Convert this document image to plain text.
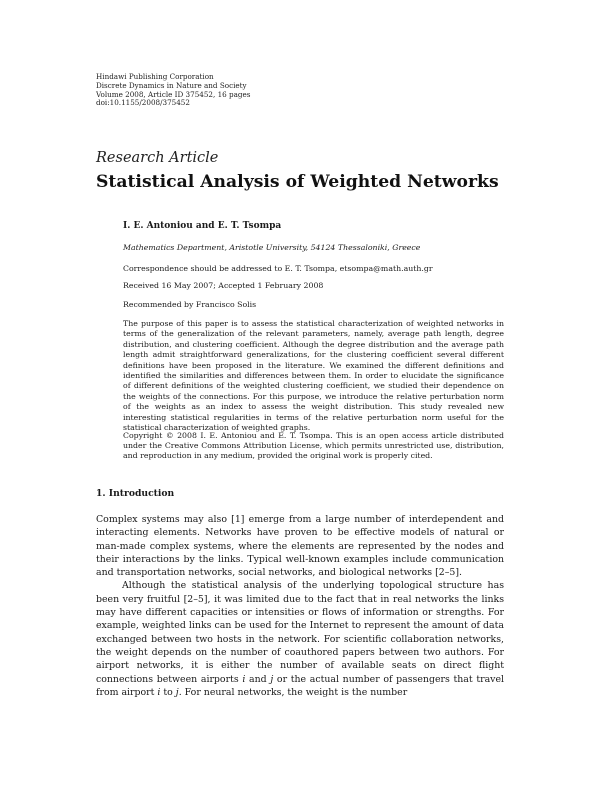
Hindawi Publishing Corporation
Discrete Dynamics in Nature and Society
Volume 2008, Article ID 375452, 16 pages
doi:10.1155/2008/375452
Research Article
Statistical Analysis of Weighted Networks
I. E. Antoniou and E. T. Tsompa
Mathematics Department, Aristotle University, 54124 Thessaloniki, Greece
Correspondence should be addressed to E. T. Tsompa, etsompa@math.auth.gr
Received 16 May 2007; Accepted 1 February 2008
Recommended by Francisco Solis
The purpose of this paper is to assess the statistical characterization of weighted networks in terms of the generalization of the relevant parameters, namely, average path length, degree distribution, and clustering coefficient. Although the degree distribution and the average path length admit straightforward generalizations, for the clustering coefficient several different definitions have been proposed in the literature. We examined the different definitions and identified the similarities and differences between them. In order to elucidate the significance of different definitions of the weighted clustering coefficient, we studied their dependence on the weights of the connections. For this purpose, we introduce the relative perturbation norm of the weights as an index to assess the weight distribution. This study revealed new interesting statistical regularities in terms of the relative perturbation norm useful for the statistical characterization of weighted graphs.
Copyright © 2008 I. E. Antoniou and E. T. Tsompa. This is an open access article distributed under the Creative Commons Attribution License, which permits unrestricted use, distribution, and reproduction in any medium, provided the original work is properly cited.
1. Introduction

Complex systems may also [1] emerge from a large number of interdependent and interacting elements. Networks have proven to be effective models of natural or man-made complex systems, where the elements are represented by the nodes and their interactions by the links. Typical well-known examples include communication and transportation networks, social networks, and biological networks [2–5].

Although the statistical analysis of the underlying topological structure has been very fruitful [2–5], it was limited due to the fact that in real networks the links may have different capacities or intensities or flows of information or strengths. For example, weighted links can be used for the Internet to represent the amount of data exchanged between two hosts in the network. For scientific collaboration networks, the weight depends on the number of coauthored papers between two authors. For airport networks, it is either the number of available seats on direct flight connections between airports i and j or the actual number of passengers that travel from airport i to j. For neural networks, the weight is the number
